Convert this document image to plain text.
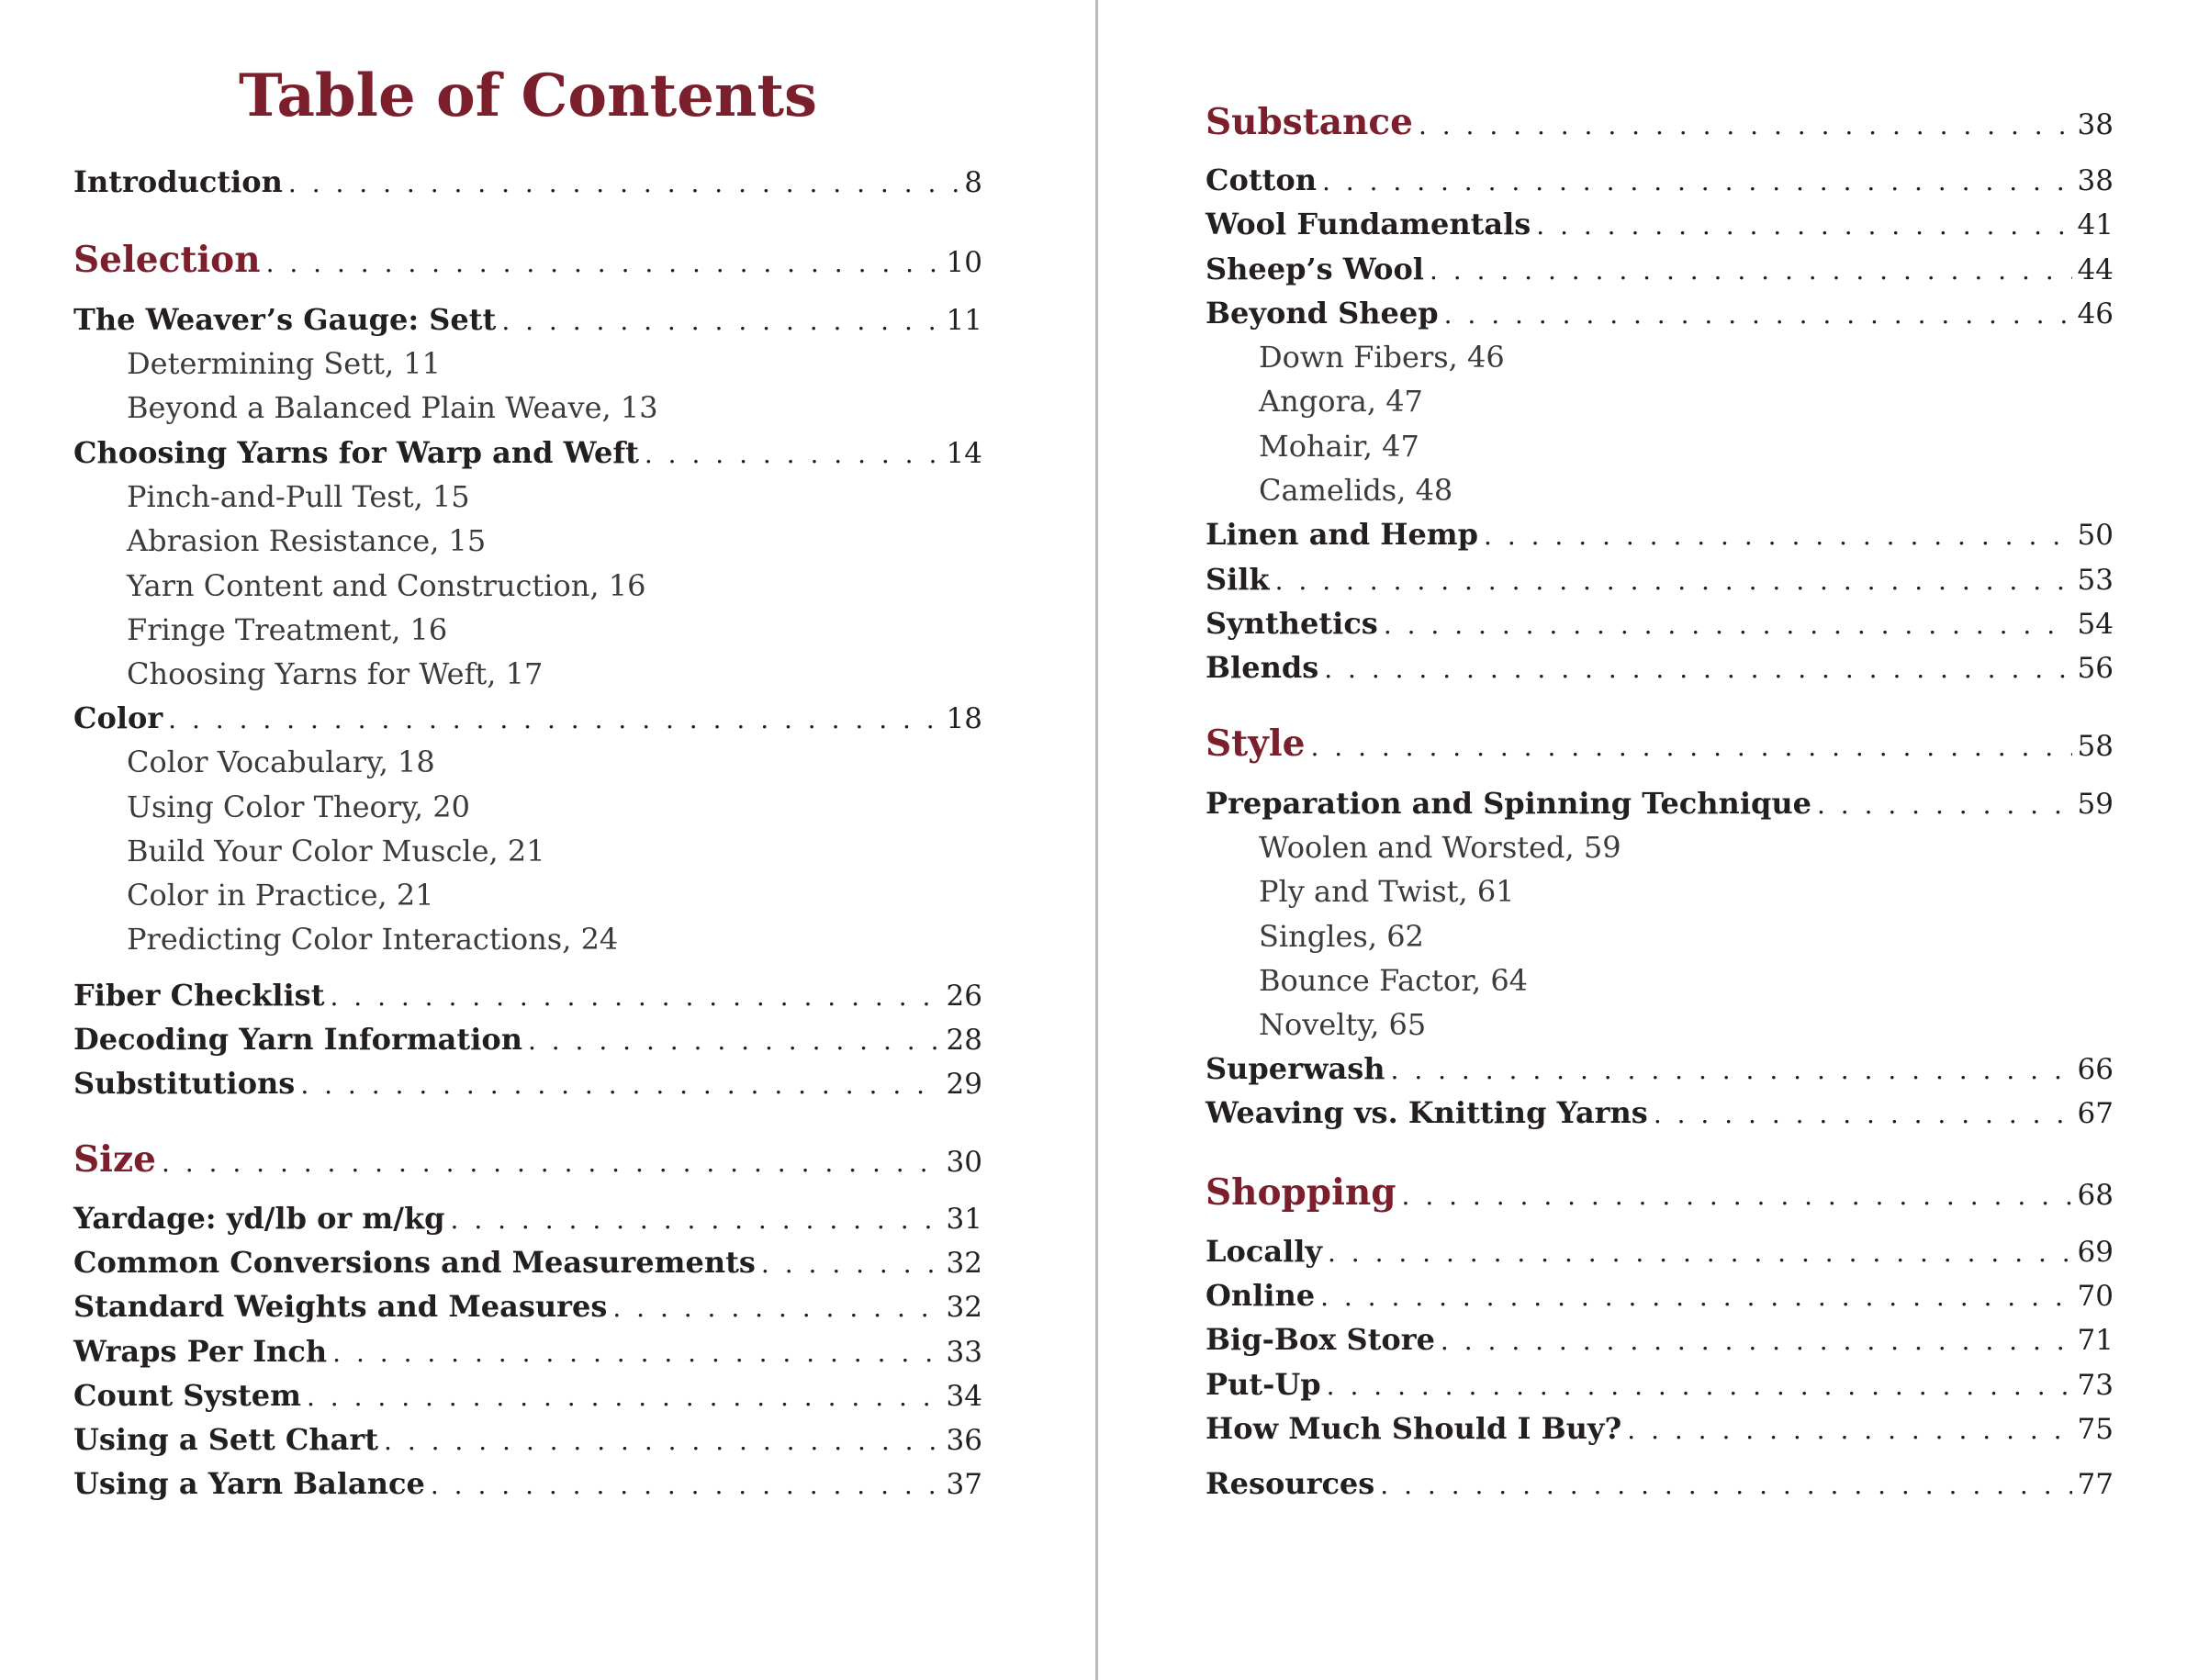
Table of Contents
Introduction . . .	8
Selection . . .	10
The Weaver’s Gauge: Sett . . .	11
Determining Sett, 11
Beyond a Balanced Plain Weave, 13
Choosing Yarns for Warp and Weft . . .	14
Pinch-and-Pull Test, 15
Abrasion Resistance, 15
Yarn Content and Construction, 16
Fringe Treatment, 16
Choosing Yarns for Weft, 17
Color . . .	18
Color Vocabulary, 18
Using Color Theory, 20
Build Your Color Muscle, 21
Color in Practice, 21
Predicting Color Interactions, 24
Fiber Checklist . . .	26
Decoding Yarn Information . . .	28
Substitutions . . .	29
Size . . .	30
Yardage: yd/lb or m/kg . . .	31
Common Conversions and Measurements . . .	32
Standard Weights and Measures . . .	32
Wraps Per Inch . . .	33
Count System . . .	34
Using a Sett Chart . . .	36
Using a Yarn Balance . . .	37
Substance . . .	38
Cotton . . .	38
Wool Fundamentals . . .	41
Sheep’s Wool . . .	44
Beyond Sheep . . .	46
Down Fibers, 46
Angora, 47
Mohair, 47
Camelids, 48
Linen and Hemp . . .	50
Silk . . .	53
Synthetics . . .	54
Blends . . .	56
Style . . .	58
Preparation and Spinning Technique . . .	59
Woolen and Worsted, 59
Ply and Twist, 61
Singles, 62
Bounce Factor, 64
Novelty, 65
Superwash . . .	66
Weaving vs. Knitting Yarns . . .	67
Shopping . . .	68
Locally . . .	69
Online . . .	70
Big-Box Store . . .	71
Put-Up . . .	73
How Much Should I Buy? . . .	75
Resources . . .	77
